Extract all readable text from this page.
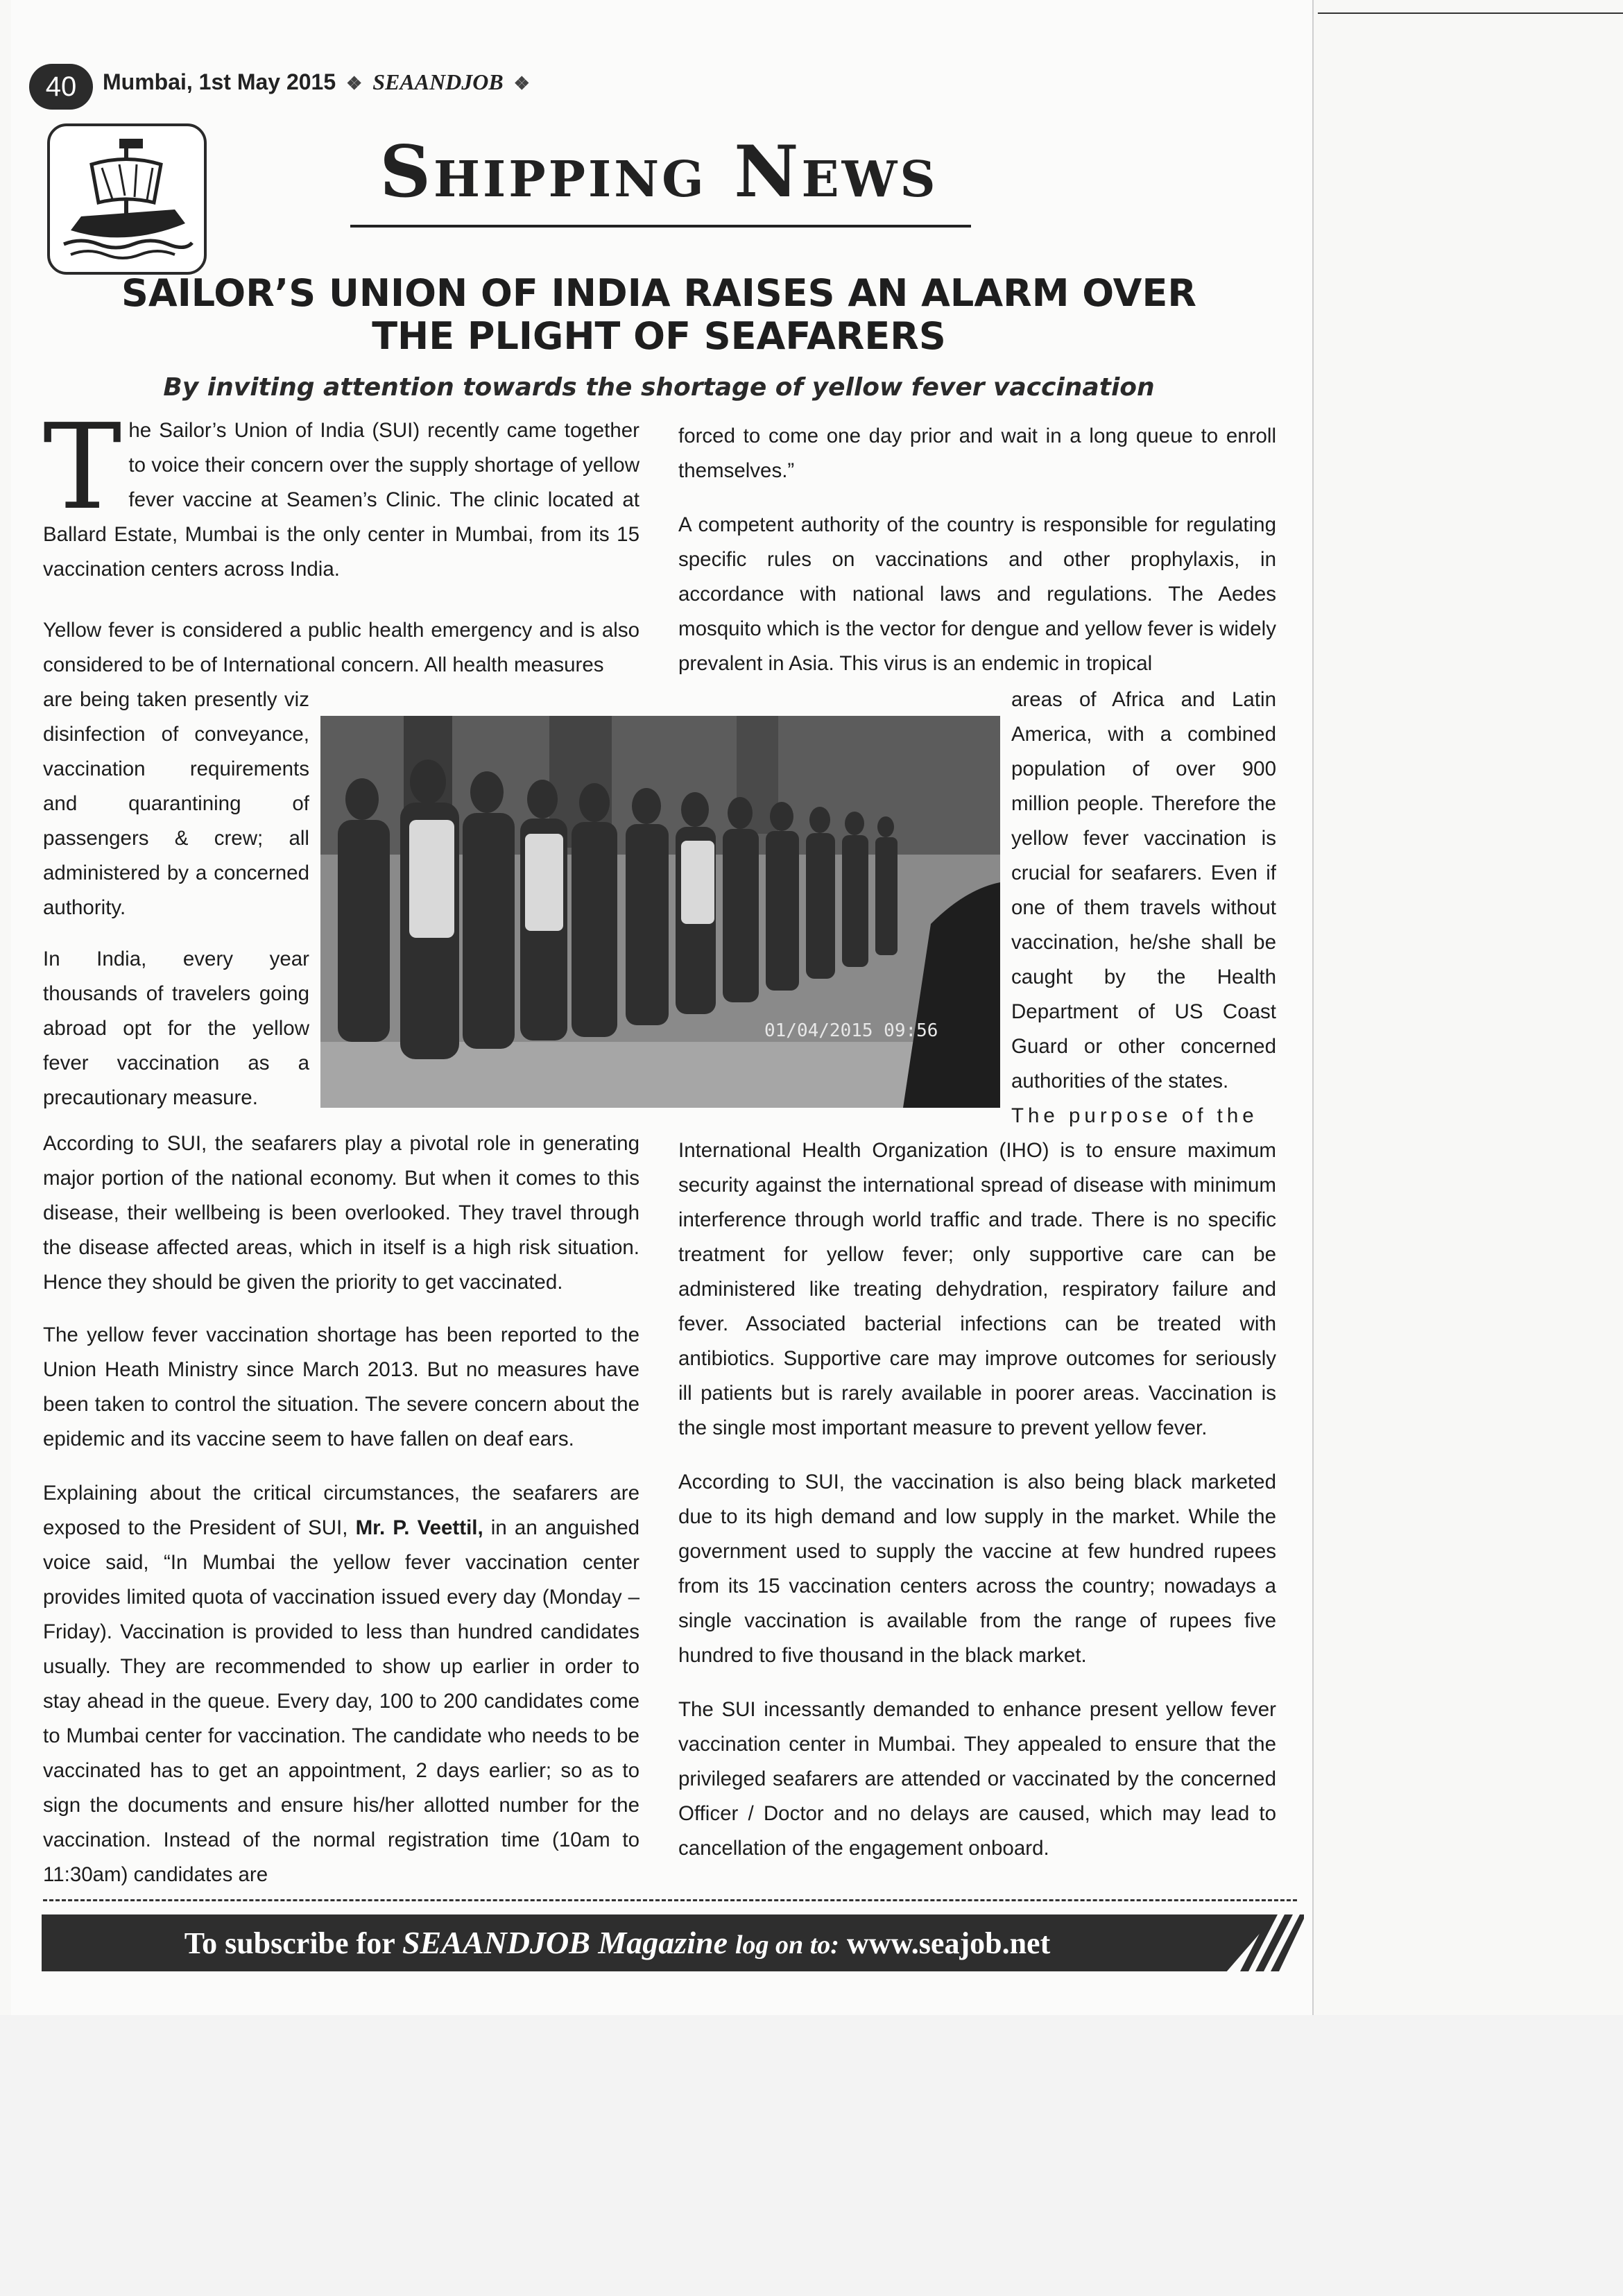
40	Mumbai, 1st May 2015 ❖ SEAANDJOB ❖
Shipping News
SAILOR’S UNION OF INDIA RAISES AN ALARM OVER THE PLIGHT OF SEAFARERS
By inviting attention towards the shortage of yellow fever vaccination
T he Sailor’s Union of India (SUI) recently came together to voice their concern over the supply shortage of yellow fever vaccine at Seamen’s Clinic. The clinic located at Ballard Estate, Mumbai is the only center in Mumbai, from its 15 vaccination centers across India.
Yellow fever is considered a public health emergency and is also considered to be of International concern. All health measures
are being taken presently viz disinfection of conveyance, vaccination requirements and quarantining of passengers & crew; all administered by a concerned authority.
In India, every year thousands of travelers going abroad opt for the yellow fever vaccination as a precautionary measure.
According to SUI, the seafarers play a pivotal role in generating major portion of the national economy. But when it comes to this disease, their wellbeing is been overlooked. They travel through the disease affected areas, which in itself is a high risk situation. Hence they should be given the priority to get vaccinated.
The yellow fever vaccination shortage has been reported to the Union Heath Ministry since March 2013. But no measures have been taken to control the situation. The severe concern about the epidemic and its vaccine seem to have fallen on deaf ears.
Explaining about the critical circumstances, the seafarers are exposed to the President of SUI, Mr. P. Veettil, in an anguished voice said, “In Mumbai the yellow fever vaccination center provides limited quota of vaccination issued every day (Monday – Friday). Vaccination is provided to less than hundred candidates usually. They are recommended to show up earlier in order to stay ahead in the queue. Every day, 100 to 200 candidates come to Mumbai center for vaccination. The candidate who needs to be vaccinated has to get an appointment, 2 days earlier; so as to sign the documents and ensure his/her allotted number for the vaccination. Instead of the normal registration time (10am to 11:30am) candidates are
forced to come one day prior and wait in a long queue to enroll themselves.”
A competent authority of the country is responsible for regulating specific rules on vaccinations and other prophylaxis, in accordance with national laws and regulations. The Aedes mosquito which is the vector for dengue and yellow fever is widely prevalent in Asia. This virus is an endemic in tropical
areas of Africa and Latin America, with a combined population of over 900 million people. Therefore the yellow fever vaccination is crucial for seafarers. Even if one of them travels without vaccination, he/she shall be caught by the Health Department of US Coast Guard or other concerned authorities of the states.
The purpose of the
International Health Organization (IHO) is to ensure maximum security against the international spread of disease with minimum interference through world traffic and trade. There is no specific treatment for yellow fever; only supportive care can be administered like treating dehydration, respiratory failure and fever. Associated bacterial infections can be treated with antibiotics. Supportive care may improve outcomes for seriously ill patients but is rarely available in poorer areas. Vaccination is the single most important measure to prevent yellow fever.
According to SUI, the vaccination is also being black marketed due to its high demand and low supply in the market. While the government used to supply the vaccine at few hundred rupees from its 15 vaccination centers across the country; nowadays a single vaccination is available from the range of rupees five hundred to five thousand in the black market.
The SUI incessantly demanded to enhance present yellow fever vaccination center in Mumbai. They appealed to ensure that the privileged seafarers are attended or vaccinated by the concerned Officer / Doctor and no delays are caused, which may lead to cancellation of the engagement onboard.
01/04/2015 09:56
To subscribe for SEAANDJOB Magazine log on to: www.seajob.net
